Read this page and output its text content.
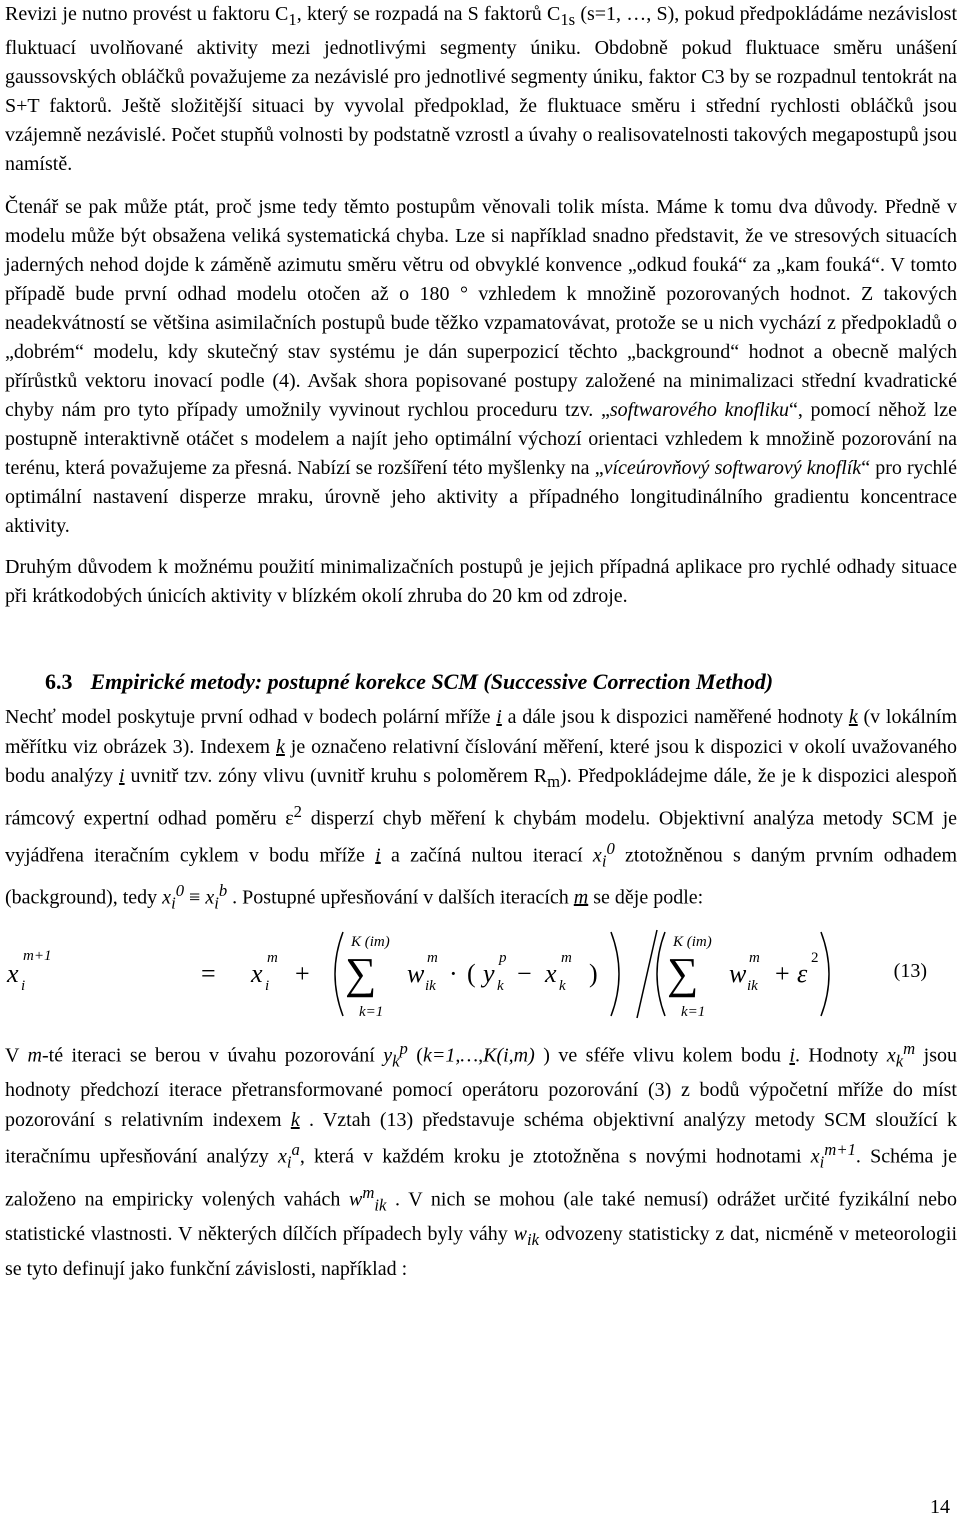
Revizi je nutno provést u faktoru $C_1$, který se rozpadá na S faktorů $C_{1s}$ (s=1, …, S), pokud předpokládáme nezávislost fluktuací uvolňované aktivity mezi jednotlivými segmenty úniku. Obdobně pokud fluktuace směru unášení gaussovských obláčků považujeme za nezávislé pro jednotlivé segmenty úniku, faktor C3 by se rozpadnul tentokrát na S+T faktorů. Ještě složitější situaci by vyvolal předpoklad, že fluktuace směru i střední rychlosti obláčků jsou vzájemně nezávislé. Počet stupňů volnosti by podstatně vzrostl a úvahy o realisovatelnosti takových megapostupů jsou namístě.

Čtenář se pak může ptát, proč jsme tedy těmto postupům věnovali tolik místa. Máme k tomu dva důvody. Předně v modelu může být obsažena veliká systematická chyba. Lze si například snadno představit, že ve stresových situacích jaderných nehod dojde k záměně azimutu směru větru od obvyklé konvence „odkud fouká“ za „kam fouká“. V tomto případě bude první odhad modelu otočen až o 180 ° vzhledem k množině pozorovaných hodnot. Z takových neadekvátností se většina asimilačních postupů bude těžko vzpamatovávat, protože se u nich vychází z předpokladů o „dobrém“ modelu, kdy skutečný stav systému je dán superpozicí těchto „background“ hodnot a obecně malých přírůstků vektoru inovací podle (4). Avšak shora popisované postupy založené na minimalizaci střední kvadratické chyby nám pro tyto případy umožnily vyvinout rychlou proceduru tzv. „softwarového knofliku“, pomocí něhož lze postupně interaktivně otáčet s modelem a najít jeho optimální výchozí orientaci vzhledem k množině pozorování na terénu, která považujeme za přesná. Nabízí se rozšíření této myšlenky na „víceúrovňový softwarový knoflík“ pro rychlé optimální nastavení disperze mraku, úrovně jeho aktivity a případného longitudinálního gradientu koncentrace aktivity.

Druhým důvodem k možnému použití minimalizačních postupů je jejich případná aplikace pro rychlé odhady situace při krátkodobých únicích aktivity v blízkém okolí zhruba do 20 km od zdroje.

6.3 Empirické metody: postupné korekce SCM (Successive Correction Method)

Nechť model poskytuje první odhad v bodech polární mříže i a dále jsou k dispozici naměřené hodnoty k (v lokálním měřítku viz obrázek 3). Indexem k je označeno relativní číslování měření, které jsou k dispozici v okolí uvažovaného bodu analýzy i uvnitř tzv. zóny vlivu (uvnitř kruhu s poloměrem $R_m$). Předpokládejme dále, že je k dispozici alespoň rámcový expertní odhad poměru $\varepsilon^2$ disperzí chyb měření k chybám modelu. Objektivní analýza metody SCM je vyjádřena iteračním cyklem v bodu mříže i a začíná nultou iterací $x_i^0$ ztotožněnou s daným prvním odhadem (background), tedy $x_i^0 \equiv x_i^b$ . Postupné upřesňování v dalších iteracích m se děje podle:

x i
m+1
= x i
m
+
K (im)
∑
k=1
w ik
m
· ( y k
p
− x k
m
)
K (im)
∑
k=1
w ik
m
+ ε
2
(13)

V m-té iteraci se berou v úvahu pozorování $y_k^p$ (k=1,…,K(i,m) ) ve sféře vlivu kolem bodu i. Hodnoty $x_k^m$ jsou hodnoty předchozí iterace přetransformované pomocí operátoru pozorování (3) z bodů výpočetní mříže do míst pozorování s relativním indexem k . Vztah (13) představuje schéma objektivní analýzy metody SCM sloužící k iteračnímu upřesňování analýzy $x_i^a$, která v každém kroku je ztotožněna s novými hodnotami $x_i^{m+1}$. Schéma je založeno na empiricky volených vahách $w^m_{ik}$ . V nich se mohou (ale také nemusí) odrážet určité fyzikální nebo statistické vlastnosti. V některých dílčích případech byly váhy $w_{ik}$ odvozeny statisticky z dat, nicméně v meteorologii se tyto definují jako funkční závislosti, například :

14
